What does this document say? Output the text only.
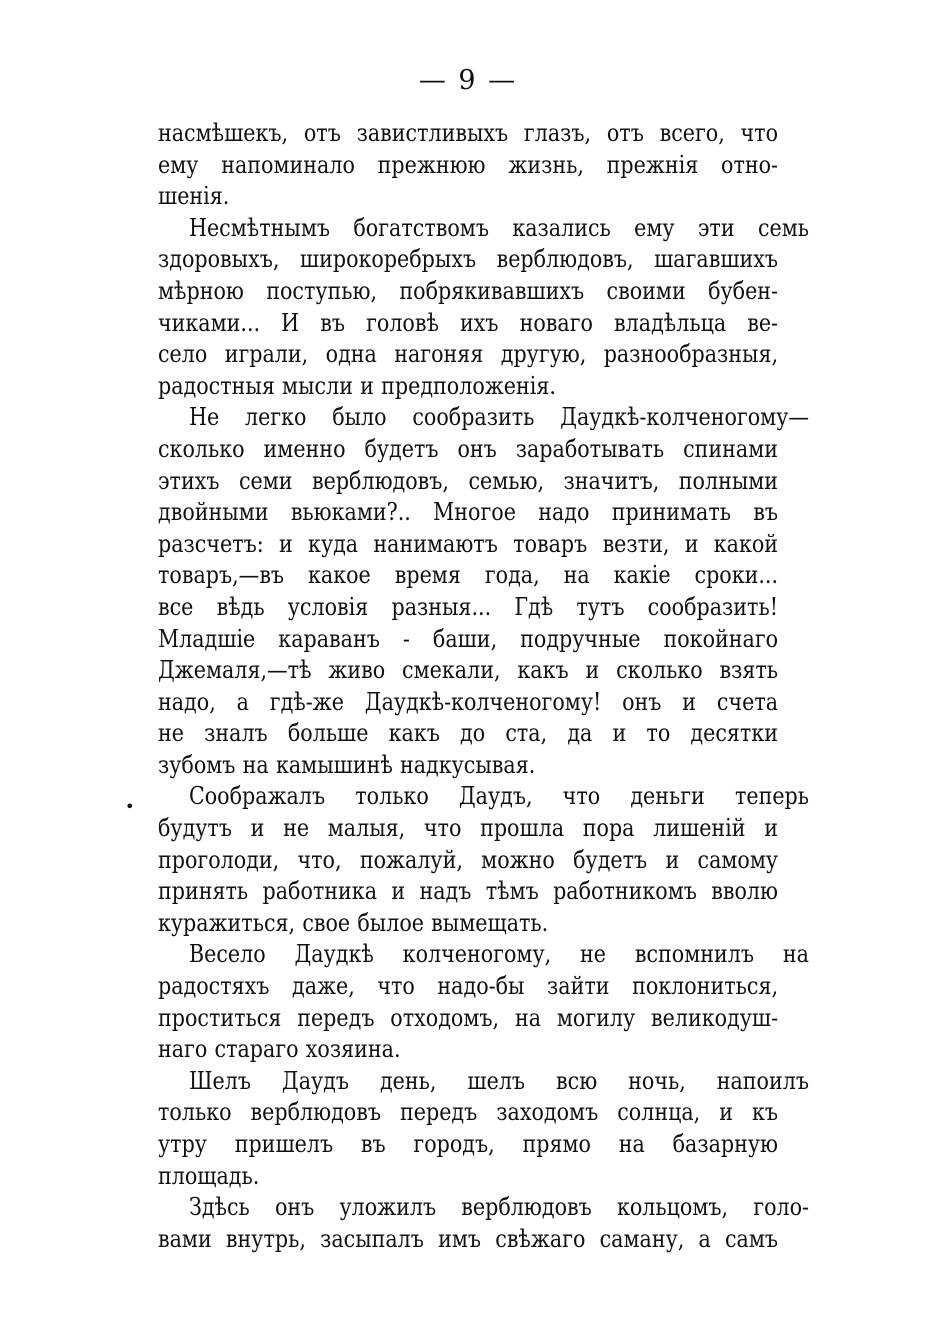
— 9 —
•
насмѣшекъ, отъ завистливыхъ глазъ, отъ всего, что
ему напоминало прежнюю жизнь, прежнія отно-
шенія.
Несмѣтнымъ богатствомъ казались ему эти семь
здоровыхъ, широкоребрыхъ верблюдовъ, шагавшихъ
мѣрною поступью, побрякивавшихъ своими бубен-
чиками... И въ головѣ ихъ новаго владѣльца ве-
село играли, одна нагоняя другую, разнообразныя,
радостныя мысли и предположенія.
Не легко было сообразить Даудкѣ-колченогому—
сколько именно будетъ онъ заработывать спинами
этихъ семи верблюдовъ, семью, значитъ, полными
двойными вьюками?.. Многое надо принимать въ
разсчетъ: и куда нанимаютъ товаръ везти, и какой
товаръ,—въ какое время года, на какіе сроки...
все вѣдь условія разныя... Гдѣ тутъ сообразить!
Младшіе караванъ - баши, подручные покойнаго
Джемаля,—тѣ живо смекали, какъ и сколько взять
надо, а гдѣ-же Даудкѣ-колченогому! онъ и счета
не зналъ больше какъ до ста, да и то десятки
зубомъ на камышинѣ надкусывая.
Соображалъ только Даудъ, что деньги теперь
будутъ и не малыя, что прошла пора лишеній и
проголоди, что, пожалуй, можно будетъ и самому
принять работника и надъ тѣмъ работникомъ вволю
куражиться, свое былое вымещать.
Весело Даудкѣ колченогому, не вспомнилъ на
радостяхъ даже, что надо-бы зайти поклониться,
проститься передъ отходомъ, на могилу великодуш-
наго стараго хозяина.
Шелъ Даудъ день, шелъ всю ночь, напоилъ
только верблюдовъ передъ заходомъ солнца, и къ
утру пришелъ въ городъ, прямо на базарную
площадь.
Здѣсь онъ уложилъ верблюдовъ кольцомъ, голо-
вами внутрь, засыпалъ имъ свѣжаго саману, а самъ
